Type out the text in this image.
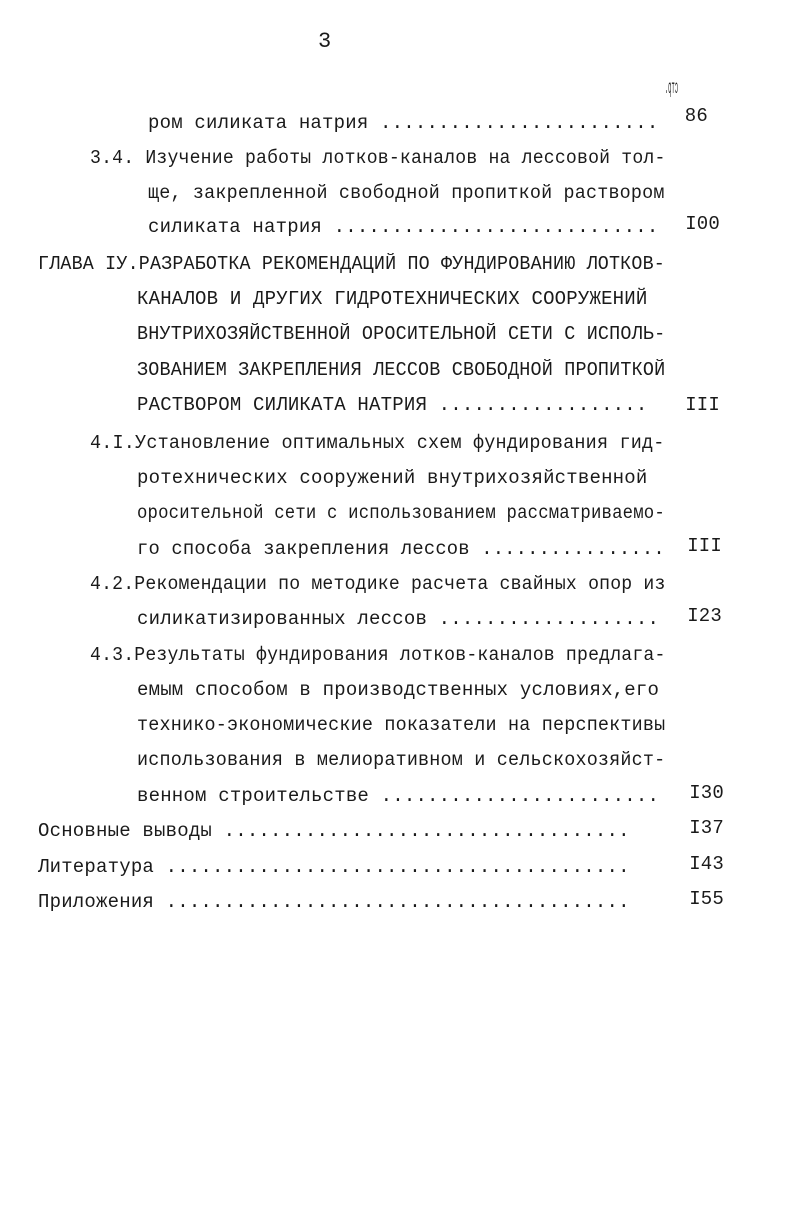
3
стр.
ром силиката натрия ........................	86
3.4. Изучение работы лотков-каналов на лессовой тол-
ще, закрепленной свободной пропиткой раствором
силиката натрия ............................	I00
ГЛАВА IУ.РАЗРАБОТКА РЕКОМЕНДАЦИЙ ПО ФУНДИРОВАНИЮ ЛОТКОВ-
КАНАЛОВ И ДРУГИХ ГИДРОТЕХНИЧЕСКИХ СООРУЖЕНИЙ
ВНУТРИХОЗЯЙСТВЕННОЙ ОРОСИТЕЛЬНОЙ СЕТИ С ИСПОЛЬ-
ЗОВАНИЕМ ЗАКРЕПЛЕНИЯ ЛЕССОВ СВОБОДНОЙ ПРОПИТКОЙ
РАСТВОРОМ СИЛИКАТА НАТРИЯ ..................	III
4.I.Установление оптимальных схем фундирования гид-
ротехнических сооружений внутрихозяйственной
оросительной сети с использованием рассматриваемо-
го способа закрепления лессов ................	III
4.2.Рекомендации по методике расчета свайных опор из
силикатизированных лессов ...................	I23
4.3.Результаты фундирования лотков-каналов предлага-
емым способом в производственных условиях,его
технико-экономические показатели на перспективы
использования в мелиоративном и сельскохозяйст-
венном строительстве ........................	I30
Основные выводы ...................................	I37
Литература ........................................	I43
Приложения ........................................	I55
